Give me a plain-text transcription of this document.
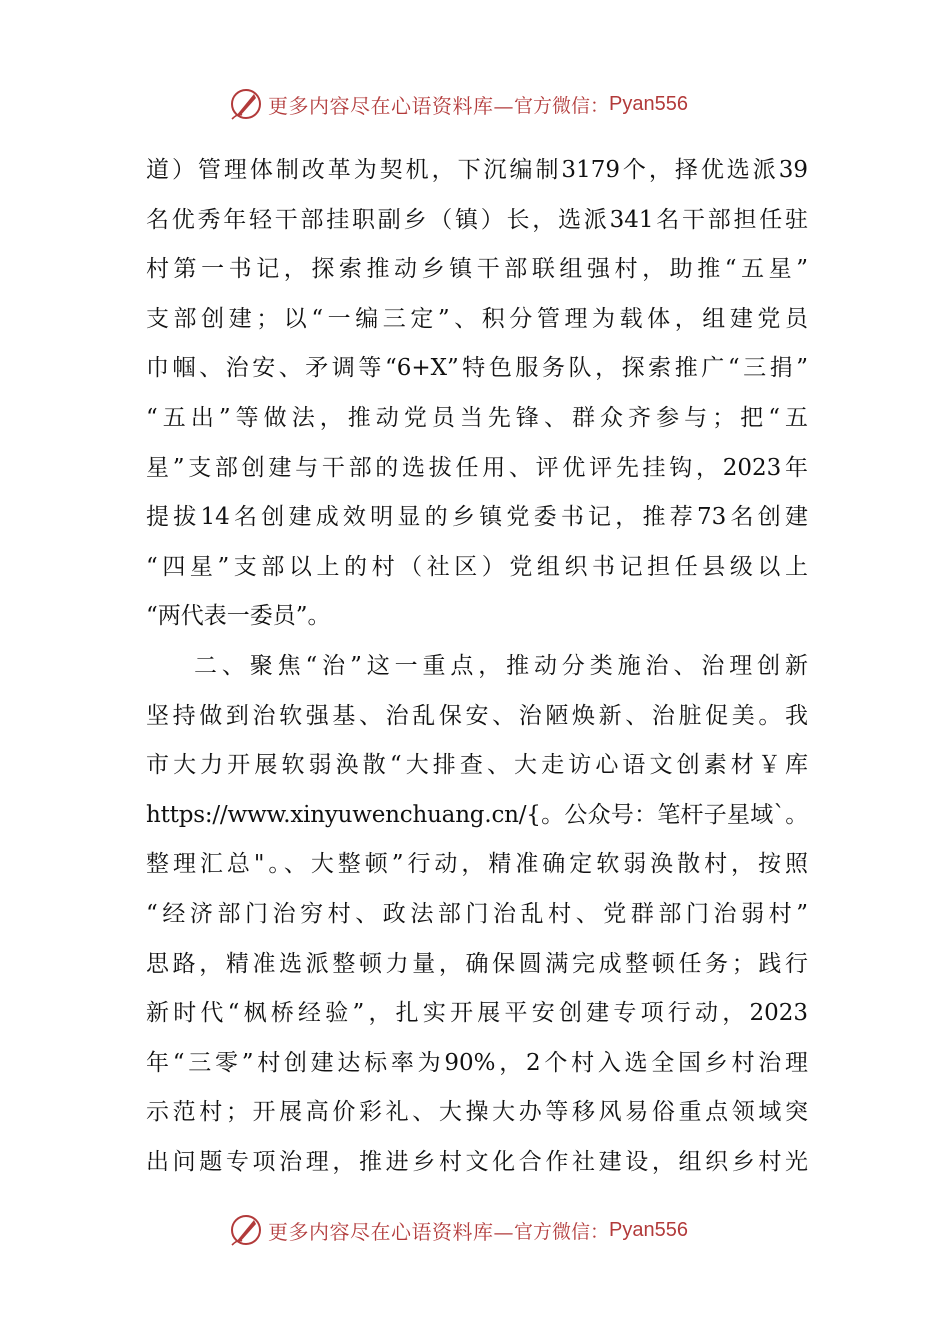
更多内容尽在心语资料库— 官方微信： Pyan556
道）管理体制改革为契机，下沉编制3179个，择优选派39
名优秀年轻干部挂职副乡（镇）长，选派341名干部担任驻
村第一书记，探索推动乡镇干部联组强村，助推“五星”
支部创建；以“一编三定”、积分管理为载体，组建党员
巾帼、治安、矛调等“6+X”特色服务队，探索推广“三捐”
“五出”等做法，推动党员当先锋、群众齐参与；把“五
星”支部创建与干部的选拔任用、评优评先挂钩，2023年
提拔14名创建成效明显的乡镇党委书记，推荐73名创建
“四星”支部以上的村（社区）党组织书记担任县级以上
“两代表一委员”。
二、聚焦“治”这一重点，推动分类施治、治理创新
坚持做到治软强基、治乱保安、治陋焕新、治脏促美。我
市大力开展软弱涣散“大排查、大走访心语文创素材￥库
https://www.xinyuwenchuang.cn/{。公众号：笔杆子星域`。
整理汇总"。、大整顿”行动，精准确定软弱涣散村，按照
“经济部门治穷村、政法部门治乱村、党群部门治弱村”
思路，精准选派整顿力量，确保圆满完成整顿任务；践行
新时代“枫桥经验”，扎实开展平安创建专项行动，2023
年“三零”村创建达标率为90%，2个村入选全国乡村治理
示范村；开展高价彩礼、大操大办等移风易俗重点领域突
出问题专项治理，推进乡村文化合作社建设，组织乡村光
更多内容尽在心语资料库— 官方微信： Pyan556
